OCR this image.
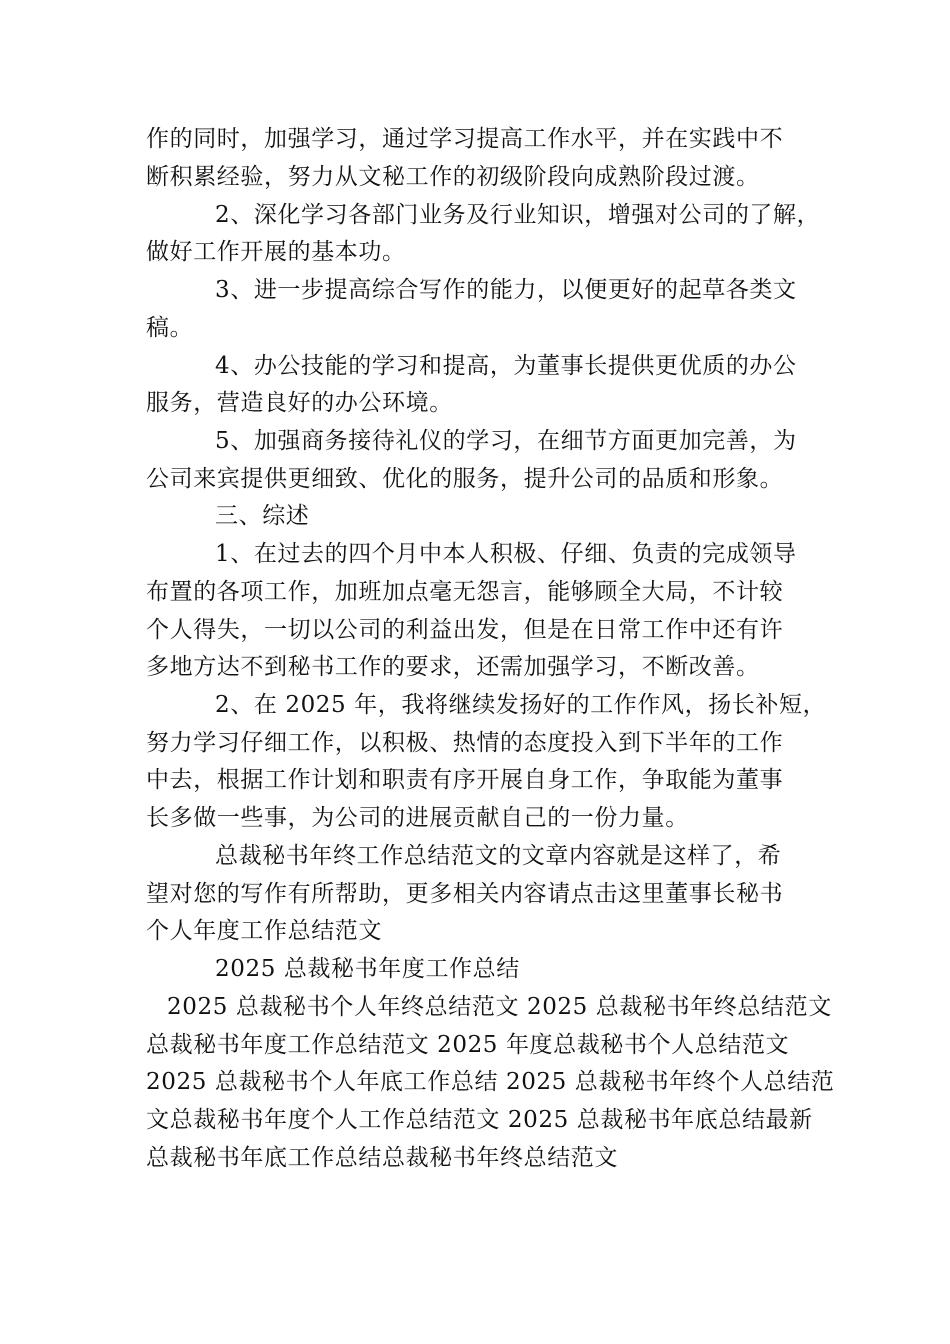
作的同时，加强学习，通过学习提高工作水平，并在实践中不
断积累经验，努力从文秘工作的初级阶段向成熟阶段过渡。
2、深化学习各部门业务及行业知识，增强对公司的了解，
做好工作开展的基本功。
3、进一步提高综合写作的能力，以便更好的起草各类文
稿。
4、办公技能的学习和提高，为董事长提供更优质的办公
服务，营造良好的办公环境。
5、加强商务接待礼仪的学习，在细节方面更加完善，为
公司来宾提供更细致、优化的服务，提升公司的品质和形象。
三、综述
1、在过去的四个月中本人积极、仔细、负责的完成领导
布置的各项工作，加班加点毫无怨言，能够顾全大局，不计较
个人得失，一切以公司的利益出发，但是在日常工作中还有许
多地方达不到秘书工作的要求，还需加强学习，不断改善。
2、在 2025 年，我将继续发扬好的工作作风，扬长补短，
努力学习仔细工作，以积极、热情的态度投入到下半年的工作
中去，根据工作计划和职责有序开展自身工作，争取能为董事
长多做一些事，为公司的进展贡献自己的一份力量。
总裁秘书年终工作总结范文的文章内容就是这样了，希
望对您的写作有所帮助，更多相关内容请点击这里董事长秘书
个人年度工作总结范文
2025 总裁秘书年度工作总结
2025 总裁秘书个人年终总结范文 2025 总裁秘书年终总结范文
总裁秘书年度工作总结范文 2025 年度总裁秘书个人总结范文
2025 总裁秘书个人年底工作总结 2025 总裁秘书年终个人总结范
文总裁秘书年度个人工作总结范文 2025 总裁秘书年底总结最新
总裁秘书年底工作总结总裁秘书年终总结范文
